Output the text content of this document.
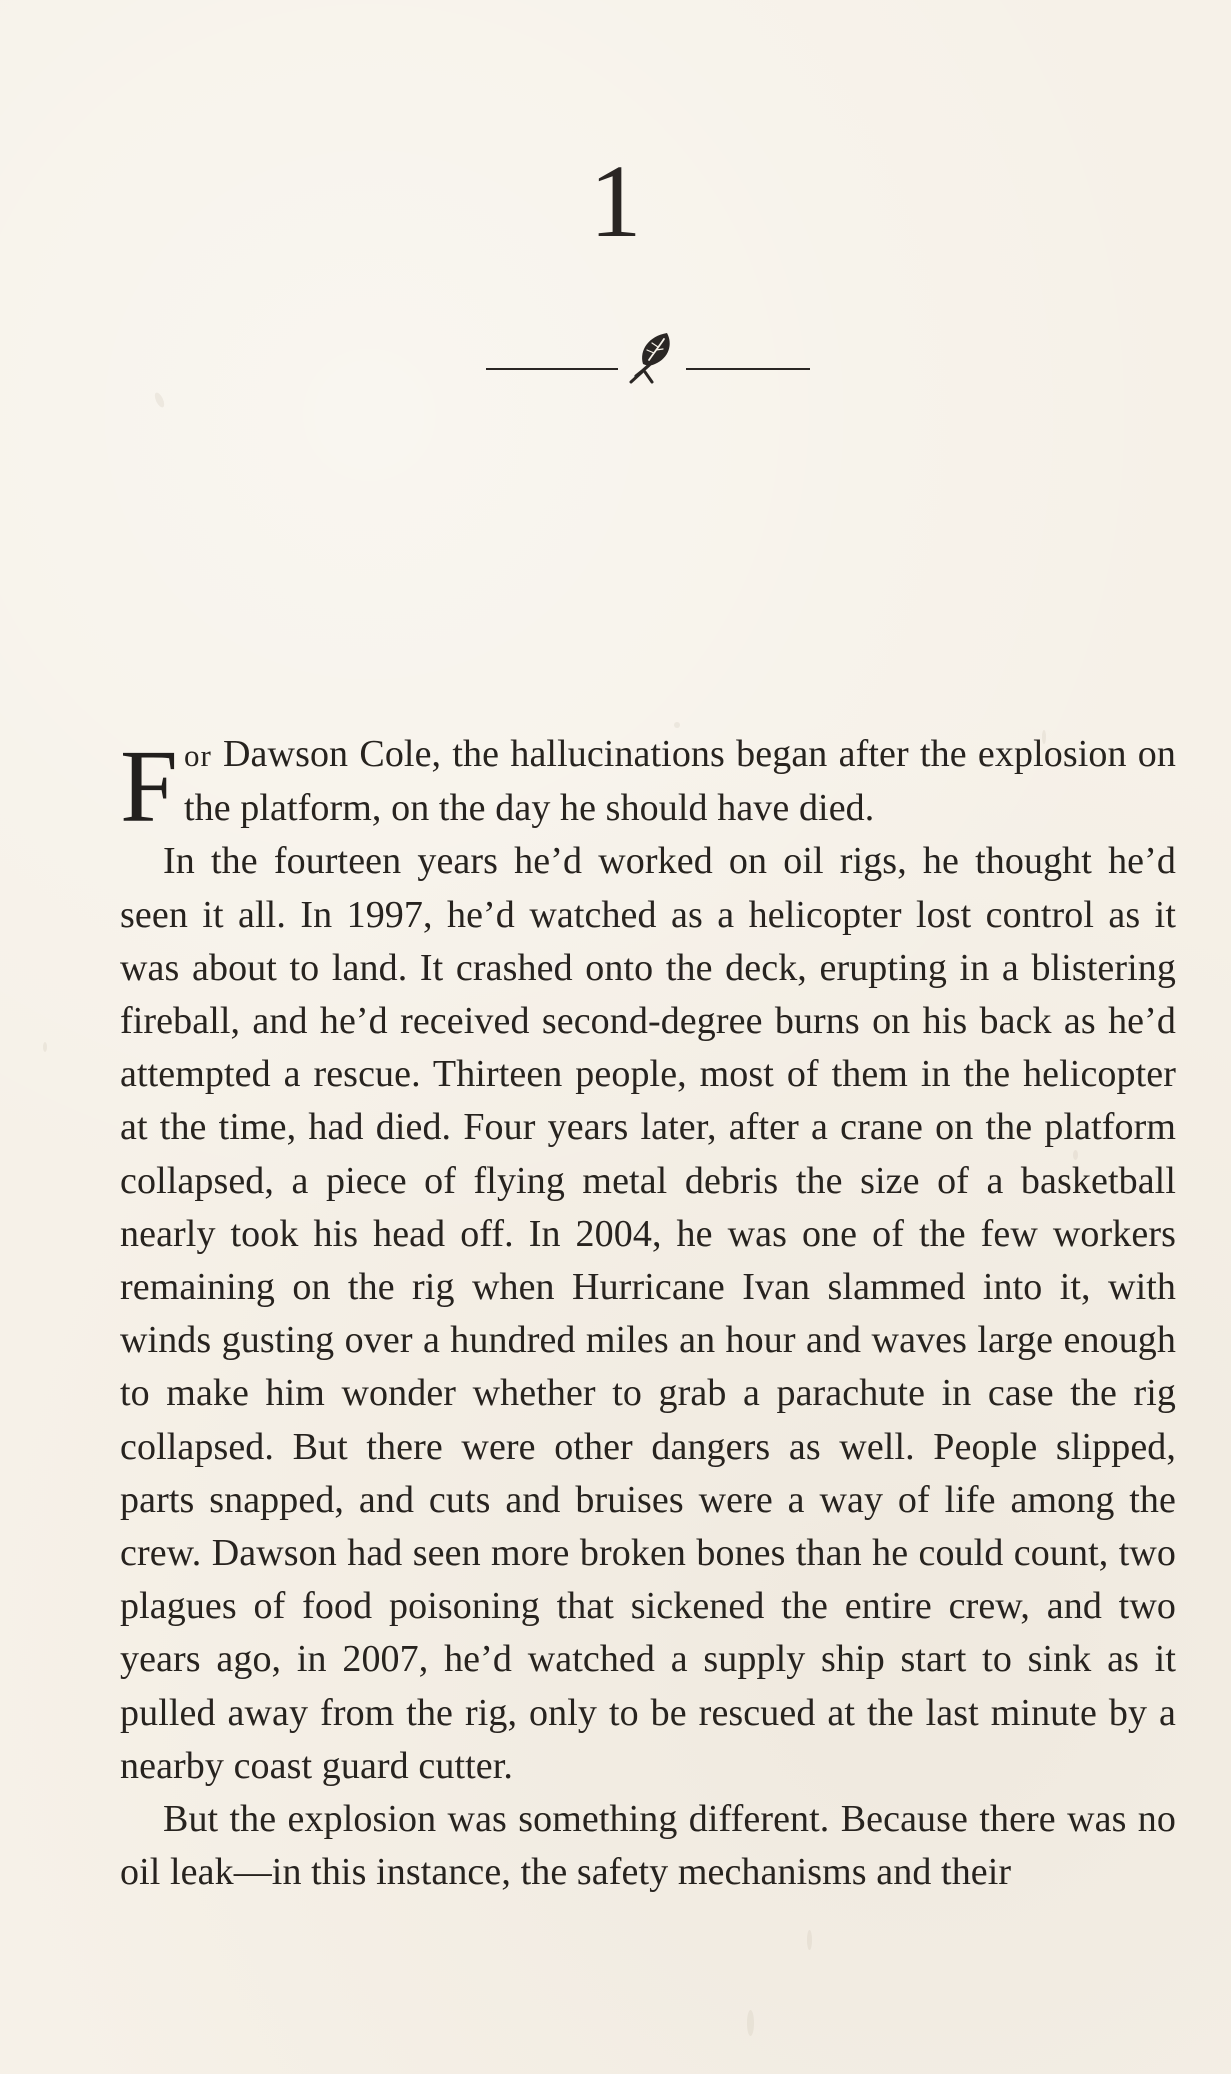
1

For Dawson Cole, the hallucinations began after the explosion on the platform, on the day he should have died.

In the fourteen years he’d worked on oil rigs, he thought he’d seen it all. In 1997, he’d watched as a helicopter lost control as it was about to land. It crashed onto the deck, erupting in a blistering fireball, and he’d received second-degree burns on his back as he’d attempted a rescue. Thirteen people, most of them in the helicopter at the time, had died. Four years later, after a crane on the platform collapsed, a piece of flying metal debris the size of a basketball nearly took his head off. In 2004, he was one of the few workers remaining on the rig when Hurricane Ivan slammed into it, with winds gusting over a hundred miles an hour and waves large enough to make him wonder whether to grab a parachute in case the rig collapsed. But there were other dangers as well. People slipped, parts snapped, and cuts and bruises were a way of life among the crew. Dawson had seen more broken bones than he could count, two plagues of food poisoning that sickened the entire crew, and two years ago, in 2007, he’d watched a supply ship start to sink as it pulled away from the rig, only to be rescued at the last minute by a nearby coast guard cutter.

But the explosion was something different. Because there was no oil leak—in this instance, the safety mechanisms and their
